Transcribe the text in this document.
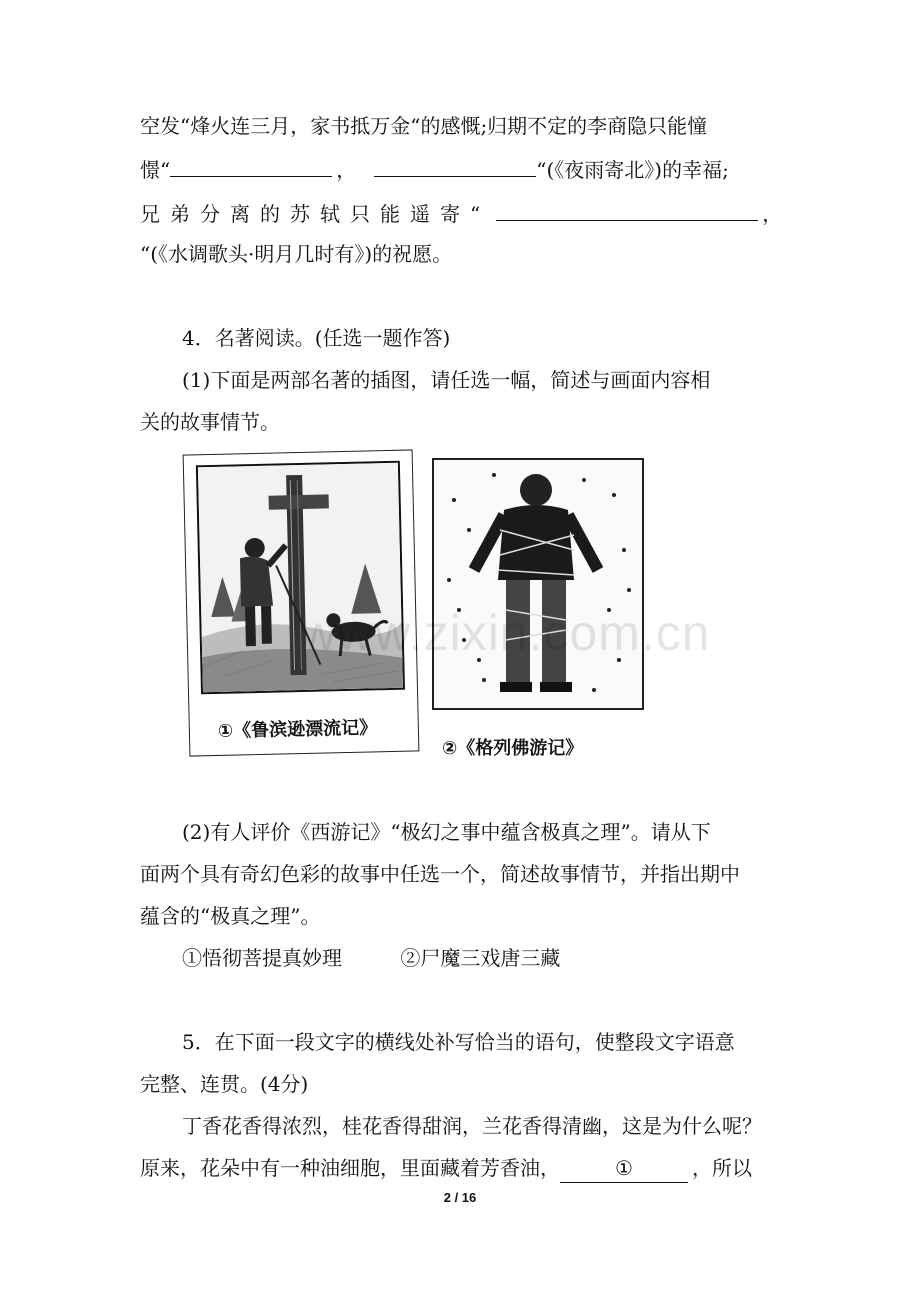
空发“烽火连三月，家书抵万金“的感慨;归期不定的李商隐只能憧
憬“	，	“(《夜雨寄北》)的幸福;
兄弟分离的苏轼只能遥寄“	，
“(《水调歌头·明月几时有》)的祝愿。
4．名著阅读。(任选一题作答)
(1)下面是两部名著的插图，请任选一幅，简述与画面内容相
关的故事情节。
①《鲁滨逊漂流记》
②《格列佛游记》
www.zixin.com.cn
(2)有人评价《西游记》“极幻之事中蕴含极真之理”。请从下
面两个具有奇幻色彩的故事中任选一个，简述故事情节，并指出期中
蕴含的“极真之理”。
①悟彻菩提真妙理	②尸魔三戏唐三藏
5．在下面一段文字的横线处补写恰当的语句，使整段文字语意
完整、连贯。(4分)
丁香花香得浓烈，桂花香得甜润，兰花香得清幽，这是为什么呢？
原来，花朵中有一种油细胞，里面藏着芳香油，	①	，所以
2 / 16
